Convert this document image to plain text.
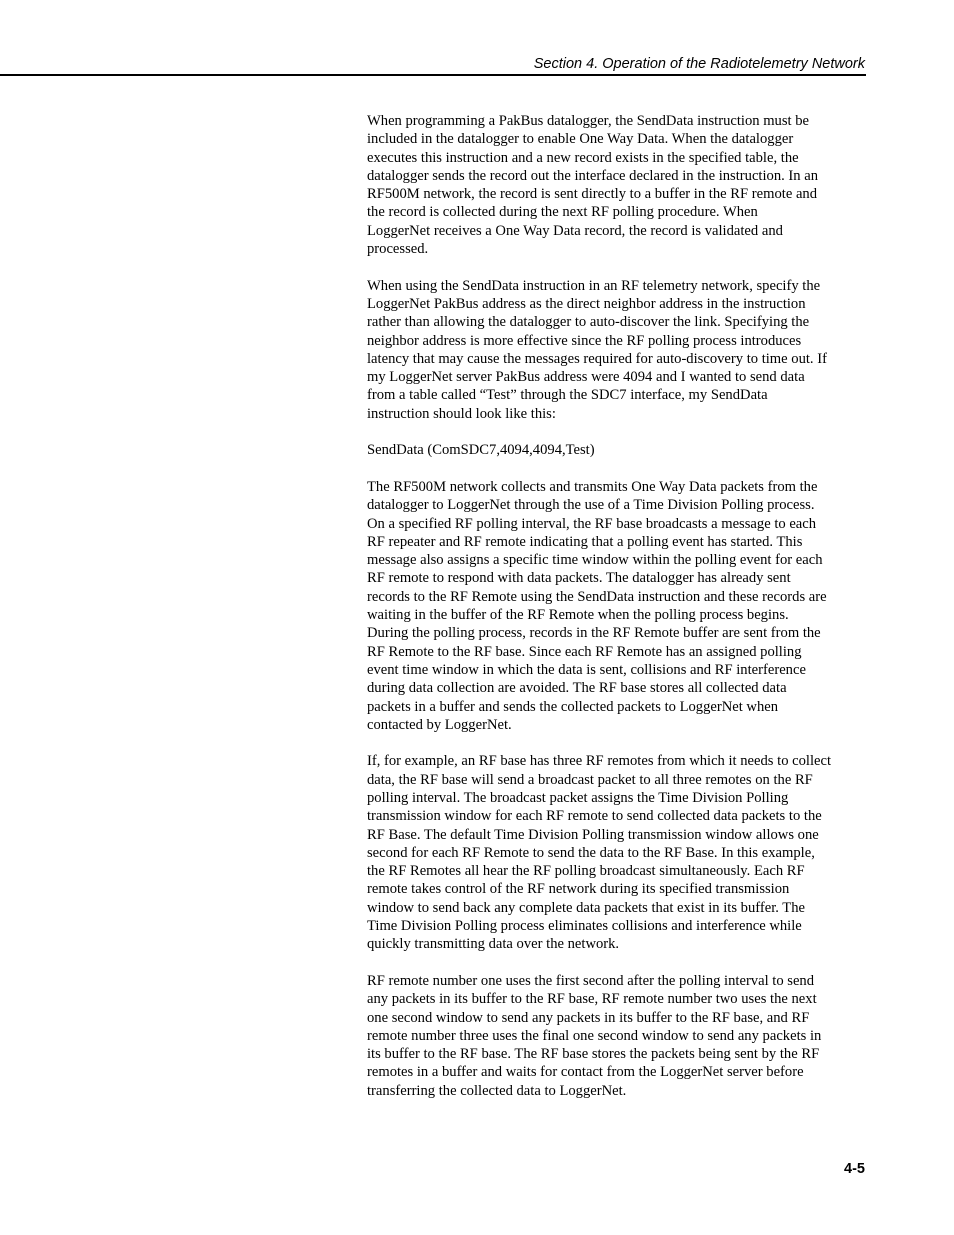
Section 4. Operation of the Radiotelemetry Network

When programming a PakBus datalogger, the SendData instruction must be
included in the datalogger to enable One Way Data. When the datalogger
executes this instruction and a new record exists in the specified table, the
datalogger sends the record out the interface declared in the instruction. In an
RF500M network, the record is sent directly to a buffer in the RF remote and
the record is collected during the next RF polling procedure. When
LoggerNet receives a One Way Data record, the record is validated and
processed.

When using the SendData instruction in an RF telemetry network, specify the
LoggerNet PakBus address as the direct neighbor address in the instruction
rather than allowing the datalogger to auto-discover the link. Specifying the
neighbor address is more effective since the RF polling process introduces
latency that may cause the messages required for auto-discovery to time out. If
my LoggerNet server PakBus address were 4094 and I wanted to send data
from a table called “Test” through the SDC7 interface, my SendData
instruction should look like this:

SendData (ComSDC7,4094,4094,Test)

The RF500M network collects and transmits One Way Data packets from the
datalogger to LoggerNet through the use of a Time Division Polling process.
On a specified RF polling interval, the RF base broadcasts a message to each
RF repeater and RF remote indicating that a polling event has started. This
message also assigns a specific time window within the polling event for each
RF remote to respond with data packets. The datalogger has already sent
records to the RF Remote using the SendData instruction and these records are
waiting in the buffer of the RF Remote when the polling process begins.
During the polling process, records in the RF Remote buffer are sent from the
RF Remote to the RF base. Since each RF Remote has an assigned polling
event time window in which the data is sent, collisions and RF interference
during data collection are avoided. The RF base stores all collected data
packets in a buffer and sends the collected packets to LoggerNet when
contacted by LoggerNet.

If, for example, an RF base has three RF remotes from which it needs to collect
data, the RF base will send a broadcast packet to all three remotes on the RF
polling interval. The broadcast packet assigns the Time Division Polling
transmission window for each RF remote to send collected data packets to the
RF Base. The default Time Division Polling transmission window allows one
second for each RF Remote to send the data to the RF Base. In this example,
the RF Remotes all hear the RF polling broadcast simultaneously. Each RF
remote takes control of the RF network during its specified transmission
window to send back any complete data packets that exist in its buffer. The
Time Division Polling process eliminates collisions and interference while
quickly transmitting data over the network.

RF remote number one uses the first second after the polling interval to send
any packets in its buffer to the RF base, RF remote number two uses the next
one second window to send any packets in its buffer to the RF base, and RF
remote number three uses the final one second window to send any packets in
its buffer to the RF base. The RF base stores the packets being sent by the RF
remotes in a buffer and waits for contact from the LoggerNet server before
transferring the collected data to LoggerNet.

4-5
